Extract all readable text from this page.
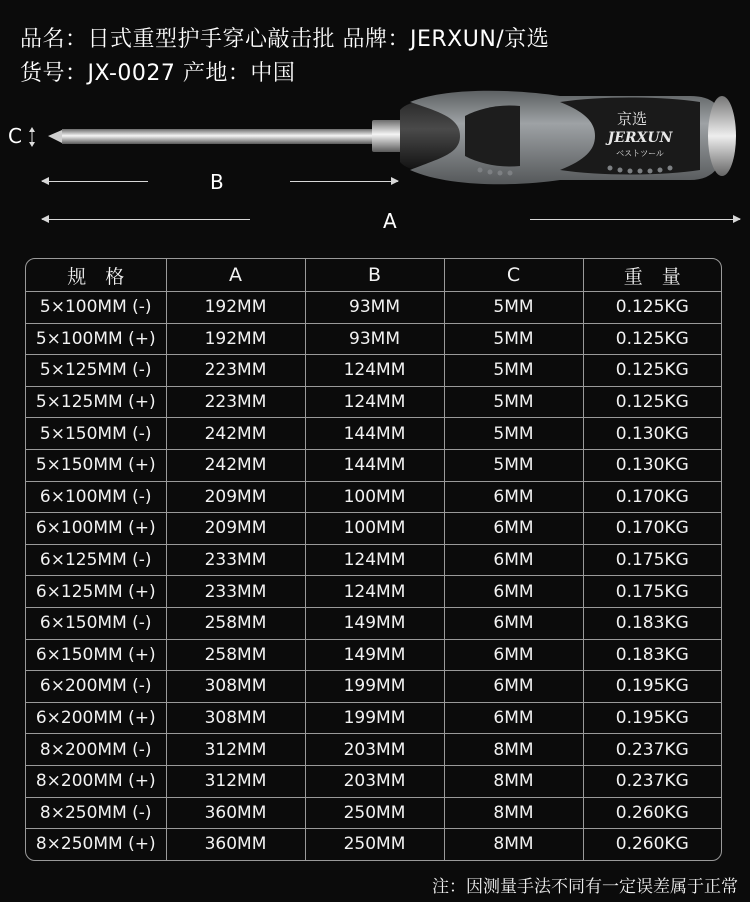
品名：日式重型护手穿心敲击批 品牌：JERXUN/京选
货号：JX-0027 产地：中国
京选
JERXUN
ベストツール
C
B
A
规　格	A	B	C	重　量
5×100MM (-)	192MM	93MM	5MM	0.125KG
5×100MM (+)	192MM	93MM	5MM	0.125KG
5×125MM (-)	223MM	124MM	5MM	0.125KG
5×125MM (+)	223MM	124MM	5MM	0.125KG
5×150MM (-)	242MM	144MM	5MM	0.130KG
5×150MM (+)	242MM	144MM	5MM	0.130KG
6×100MM (-)	209MM	100MM	6MM	0.170KG
6×100MM (+)	209MM	100MM	6MM	0.170KG
6×125MM (-)	233MM	124MM	6MM	0.175KG
6×125MM (+)	233MM	124MM	6MM	0.175KG
6×150MM (-)	258MM	149MM	6MM	0.183KG
6×150MM (+)	258MM	149MM	6MM	0.183KG
6×200MM (-)	308MM	199MM	6MM	0.195KG
6×200MM (+)	308MM	199MM	6MM	0.195KG
8×200MM (-)	312MM	203MM	8MM	0.237KG
8×200MM (+)	312MM	203MM	8MM	0.237KG
8×250MM (-)	360MM	250MM	8MM	0.260KG
8×250MM (+)	360MM	250MM	8MM	0.260KG
注：因测量手法不同有一定误差属于正常
